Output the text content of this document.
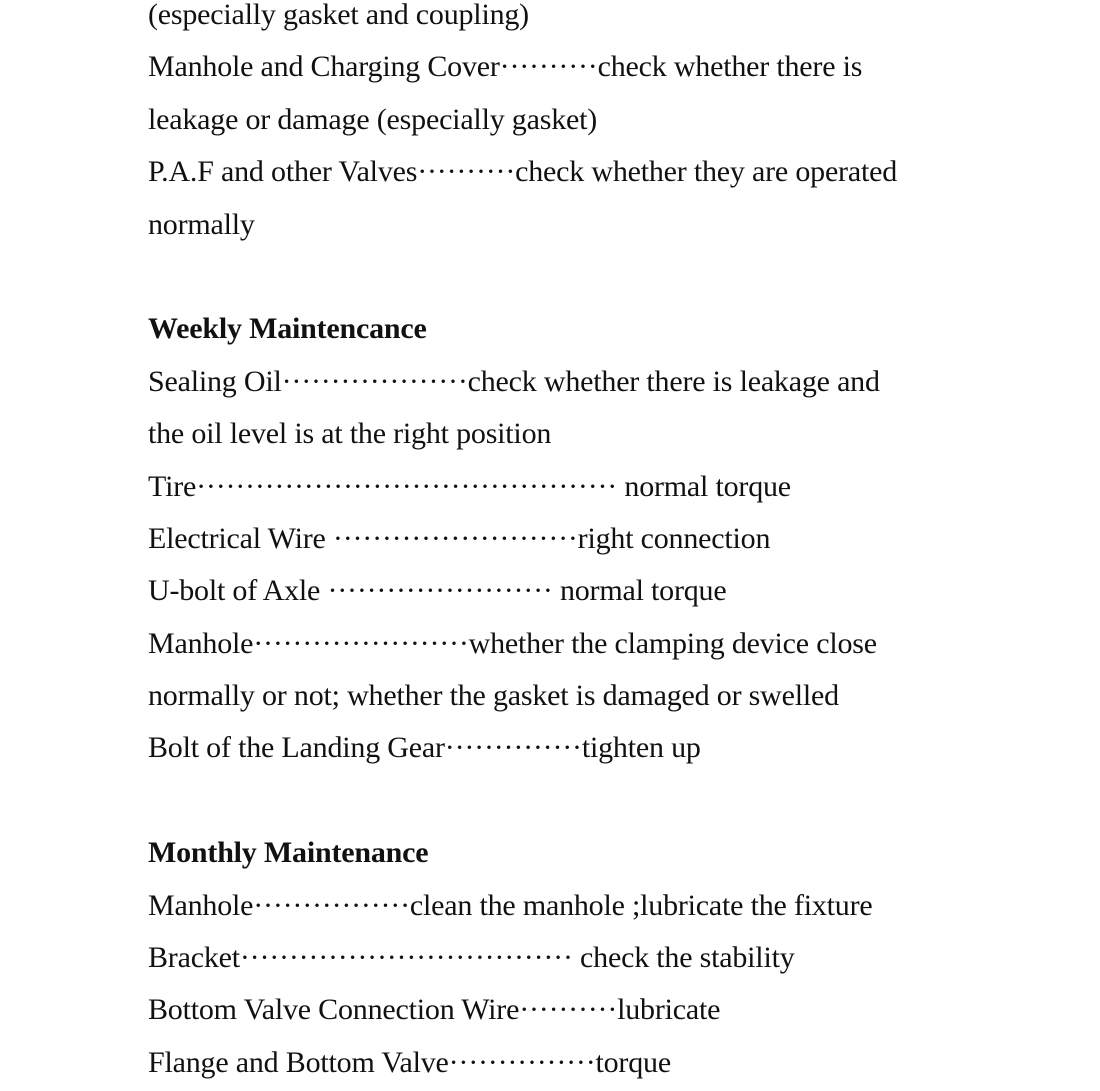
(especially gasket and coupling)
Manhole and Charging Cover··········check whether there is
leakage or damage (especially gasket)
P.A.F and other Valves··········check whether they are operated
normally
Weekly Maintencance
Sealing Oil···················check whether there is leakage and
the oil level is at the right position
Tire··········································· normal torque
Electrical Wire ·························right connection
U-bolt of Axle ······················· normal torque
Manhole······················whether the clamping device close
normally or not; whether the gasket is damaged or swelled
Bolt of the Landing Gear··············tighten up
Monthly Maintenance
Manhole················clean the manhole ;lubricate the fixture
Bracket·································· check the stability
Bottom Valve Connection Wire··········lubricate
Flange and Bottom Valve···············torque
